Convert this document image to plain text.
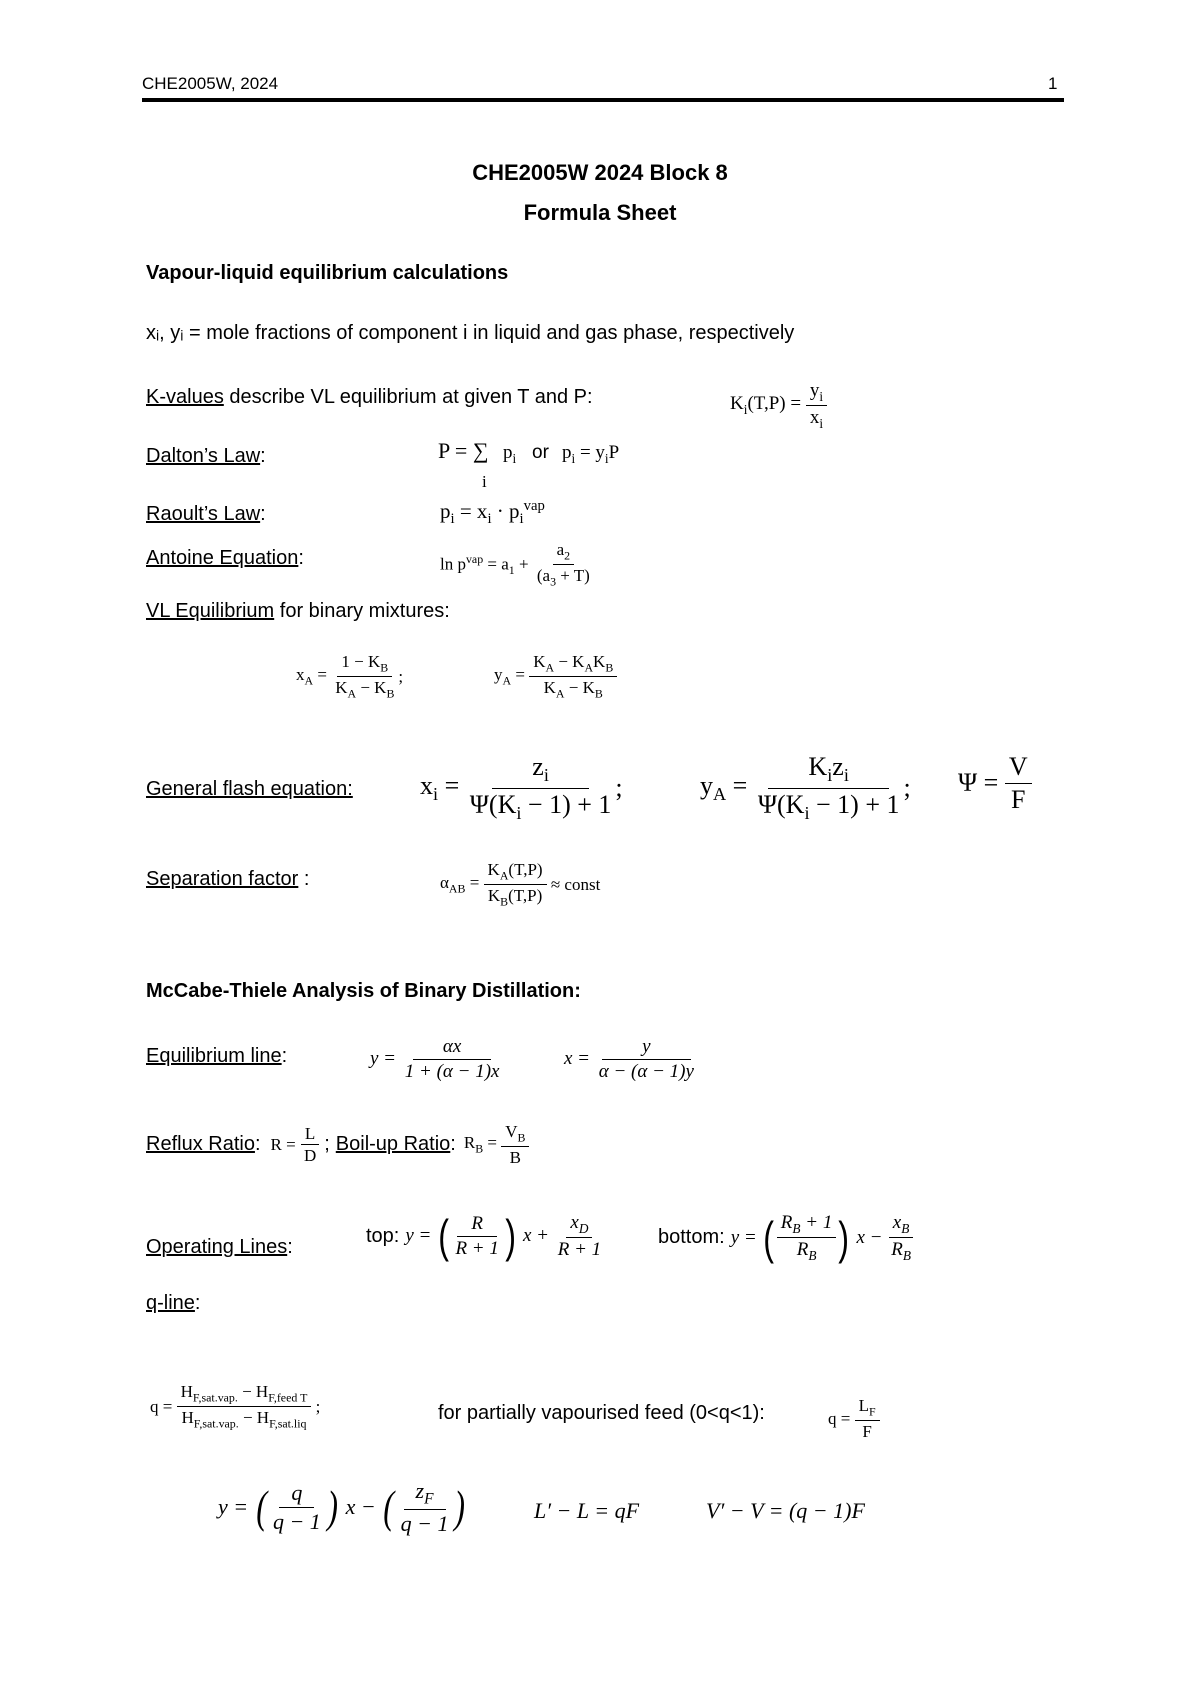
CHE2005W, 2024	1
CHE2005W 2024 Block 8
Formula Sheet
Vapour-liquid equilibrium calculations
xᵢ, yᵢ = mole fractions of component i in liquid and gas phase, respectively
K-values describe VL equilibrium at given T and P:	$K_i(T,P) = \frac{y_i}{x_i}$
Dalton’s Law:	P = ∑
i
$p_i$ or $p_i = y_iP$
Raoult’s Law:	$p_i = x_i \cdot p_i^{vap}$
Antoine Equation:	$\ln p^{vap} = a_1 + \frac{a_2}{(a_3 + T)}$
VL Equilibrium for binary mixtures:
$x_A = \frac{1 - K_B}{K_A - K_B}$ ;	$y_A = \frac{K_A - K_AK_B}{K_A - K_B}$
General flash equation:	$x_i = \frac{z_i}{\Psi(K_i - 1) + 1}$ ;	$y_A = \frac{K_iz_i}{\Psi(K_i - 1) + 1}$ ; $\Psi = \frac{V}{F}$
Separation factor :	$\alpha_{AB} = \frac{K_A(T,P)}{K_B(T,P)}$
≈ const
McCabe-Thiele Analysis of Binary Distillation:
Equilibrium line:	$y = \frac{\alpha x}{1 + (\alpha - 1)x}$	$x = \frac{y}{\alpha - (\alpha - 1)y}$
Reflux Ratio : $R = \frac{L}{D}$ ; Boil-up Ratio : $R_B = \frac{V_B}{B}$
Operating Lines:
top: y = ( $\frac{R}{R + 1}$ ) $x + \frac{x_D}{R + 1}$	bottom: y = ( $\frac{R_B + 1}{R_B}$ ) $x - \frac{x_B}{R_B}$
q-line:
$q = \frac{H_{F,sat.vap.} - H_{F,feed T}}{H_{F,sat.vap.} - H_{F,sat.liq}}$ ;	for partially vapourised feed (0<q<1):	$q = \frac{L_F}{F}$
y = ( $\frac{q}{q - 1}$ ) x − ( $\frac{z_F}{q - 1}$ )	L′ − L = qF	V′ − V = (q − 1)F
